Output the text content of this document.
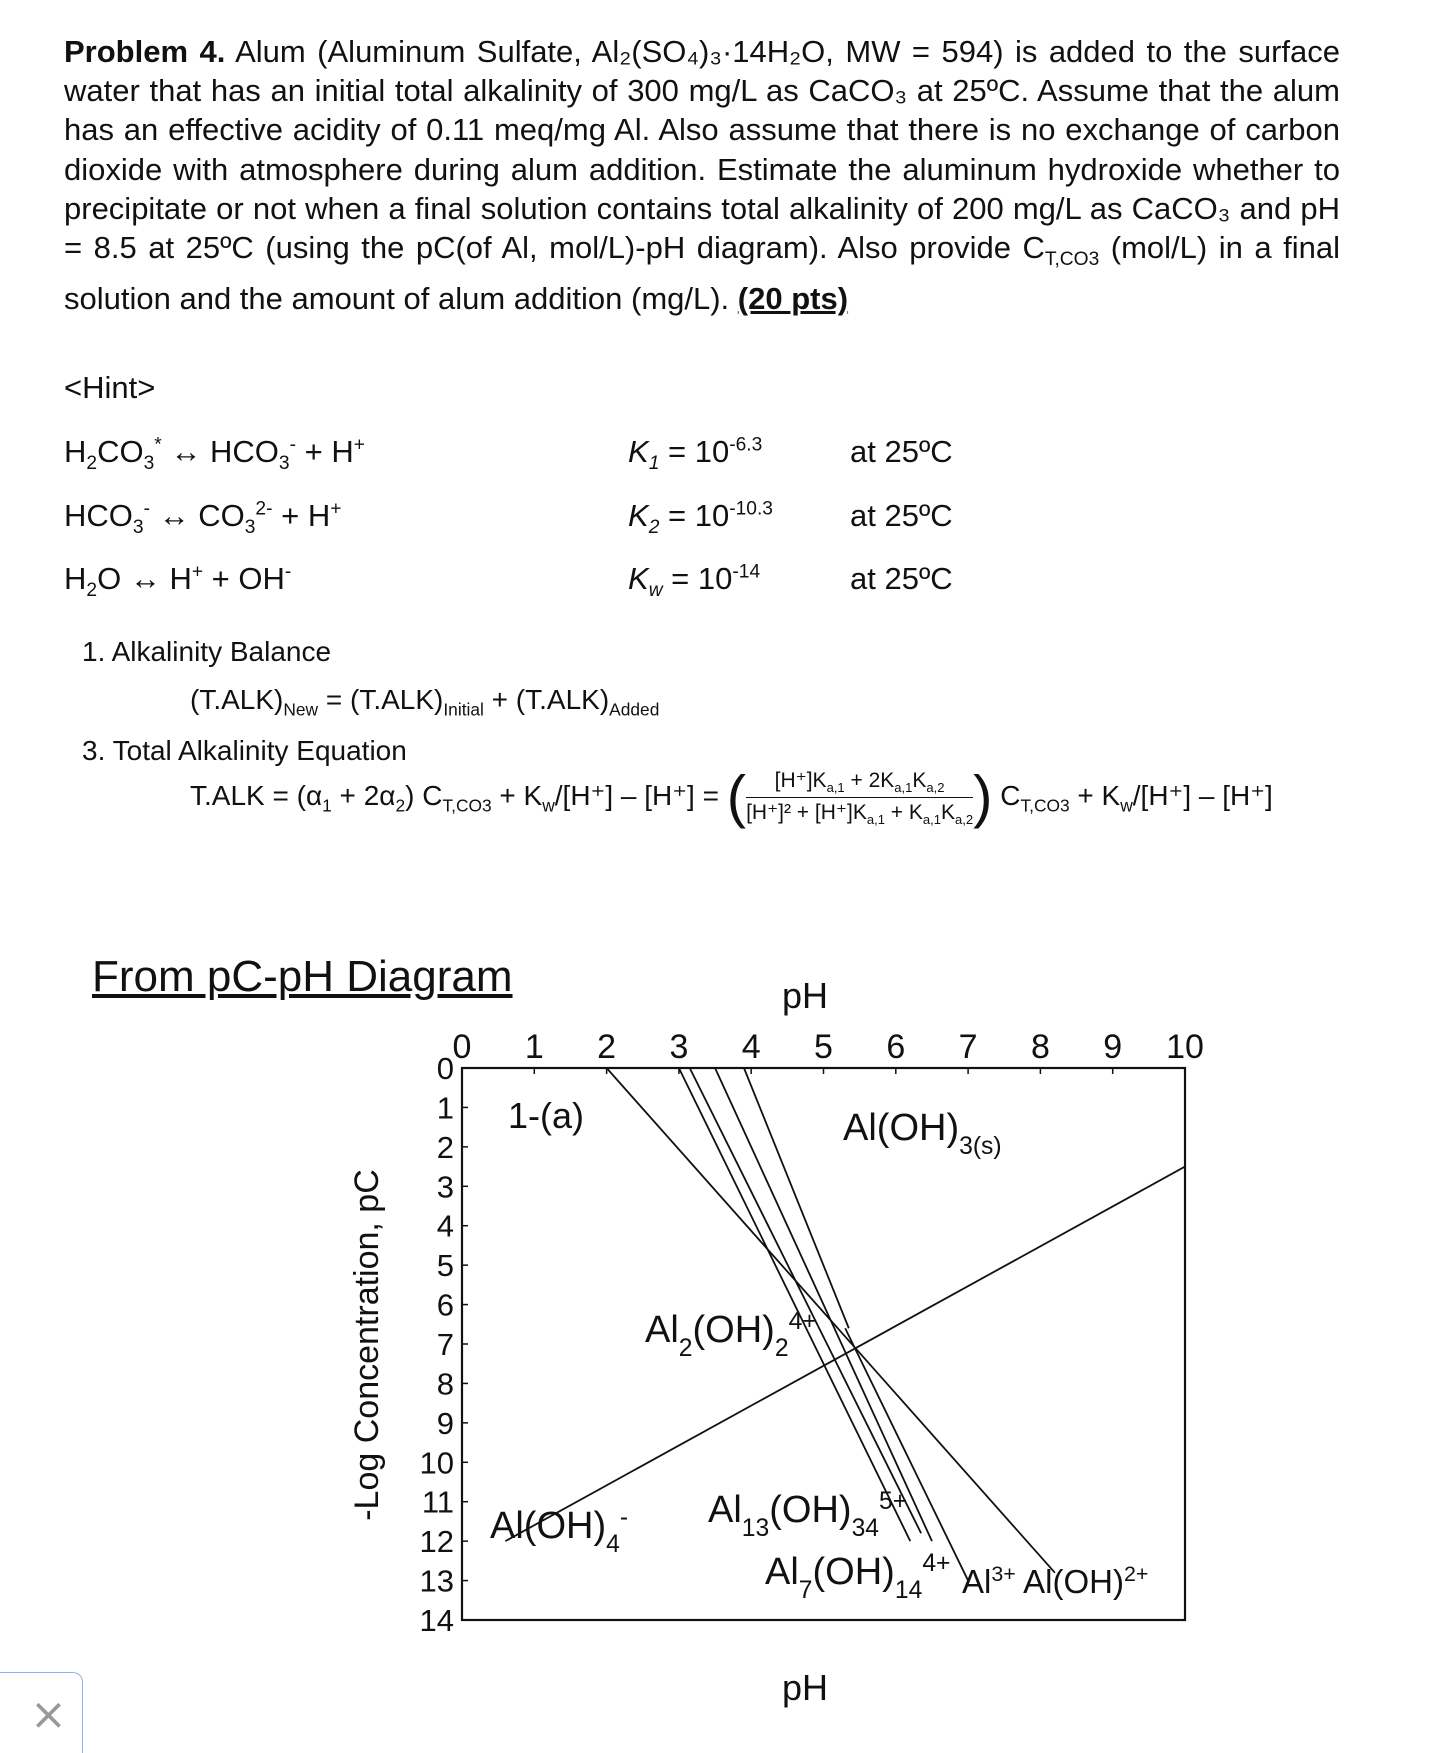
Problem 4. Alum (Aluminum Sulfate, Al₂(SO₄)₃·14H₂O, MW = 594) is added to the surface water that has an initial total alkalinity of 300 mg/L as CaCO₃ at 25ºC. Assume that the alum has an effective acidity of 0.11 meq/mg Al. Also assume that there is no exchange of carbon dioxide with atmosphere during alum addition. Estimate the aluminum hydroxide whether to precipitate or not when a final solution contains total alkalinity of 200 mg/L as CaCO₃ and pH = 8.5 at 25ºC (using the pC(of Al, mol/L)-pH diagram). Also provide $C_{T,CO3}$ (mol/L) in a final solution and the amount of alum addition (mg/L). (20 pts)
<Hint>
$H_2CO_3^*$ ↔ $HCO_3^- + H^+$	$K_1 = 10^{-6.3}$	at 25ºC
$HCO_3^-$ ↔ $CO_3^{2-} + H^+$	$K_2 = 10^{-10.3}$ at 25ºC
$H_2O$ ↔ H+ + OH-	$K_w = 10^{-14}$	at 25ºC
1. Alkalinity Balance
$(T.ALK)_{New} = (T.ALK)_{Initial} + (T.ALK)_{Added}$
3. Total Alkalinity Equation
$T.ALK = (\alpha_1 + 2\alpha_2) C_{T,CO3} + K_w/[H^+] - [H^+]$ = ( $\frac{[H^+]K_{a,1} + 2K_{a,1}K_{a,2}}{[H^+]^2 + [H^+]K_{a,1} + K_{a,1}K_{a,2}}$ ) $C_{T,CO3} + K_w/[H^+] - [H^+]$
From pC-pH Diagram
0 1 2 3 4 5 6 7 8 9 10
0
1
2
3
4
5
6
7
8
9
10
11
12
13
14
pH
pH
-Log Concentration, pC
1-(a)	$Al(OH)_{3(s)}$
$Al_2(OH)_2^{4+}$
$Al(OH)_4^-$ $Al_{13}(OH)_{34}^{5+}$
$Al_7(OH)_{14}^{4+}$ $Al^{3+}$ Al(OH)$^{2+}$
×
